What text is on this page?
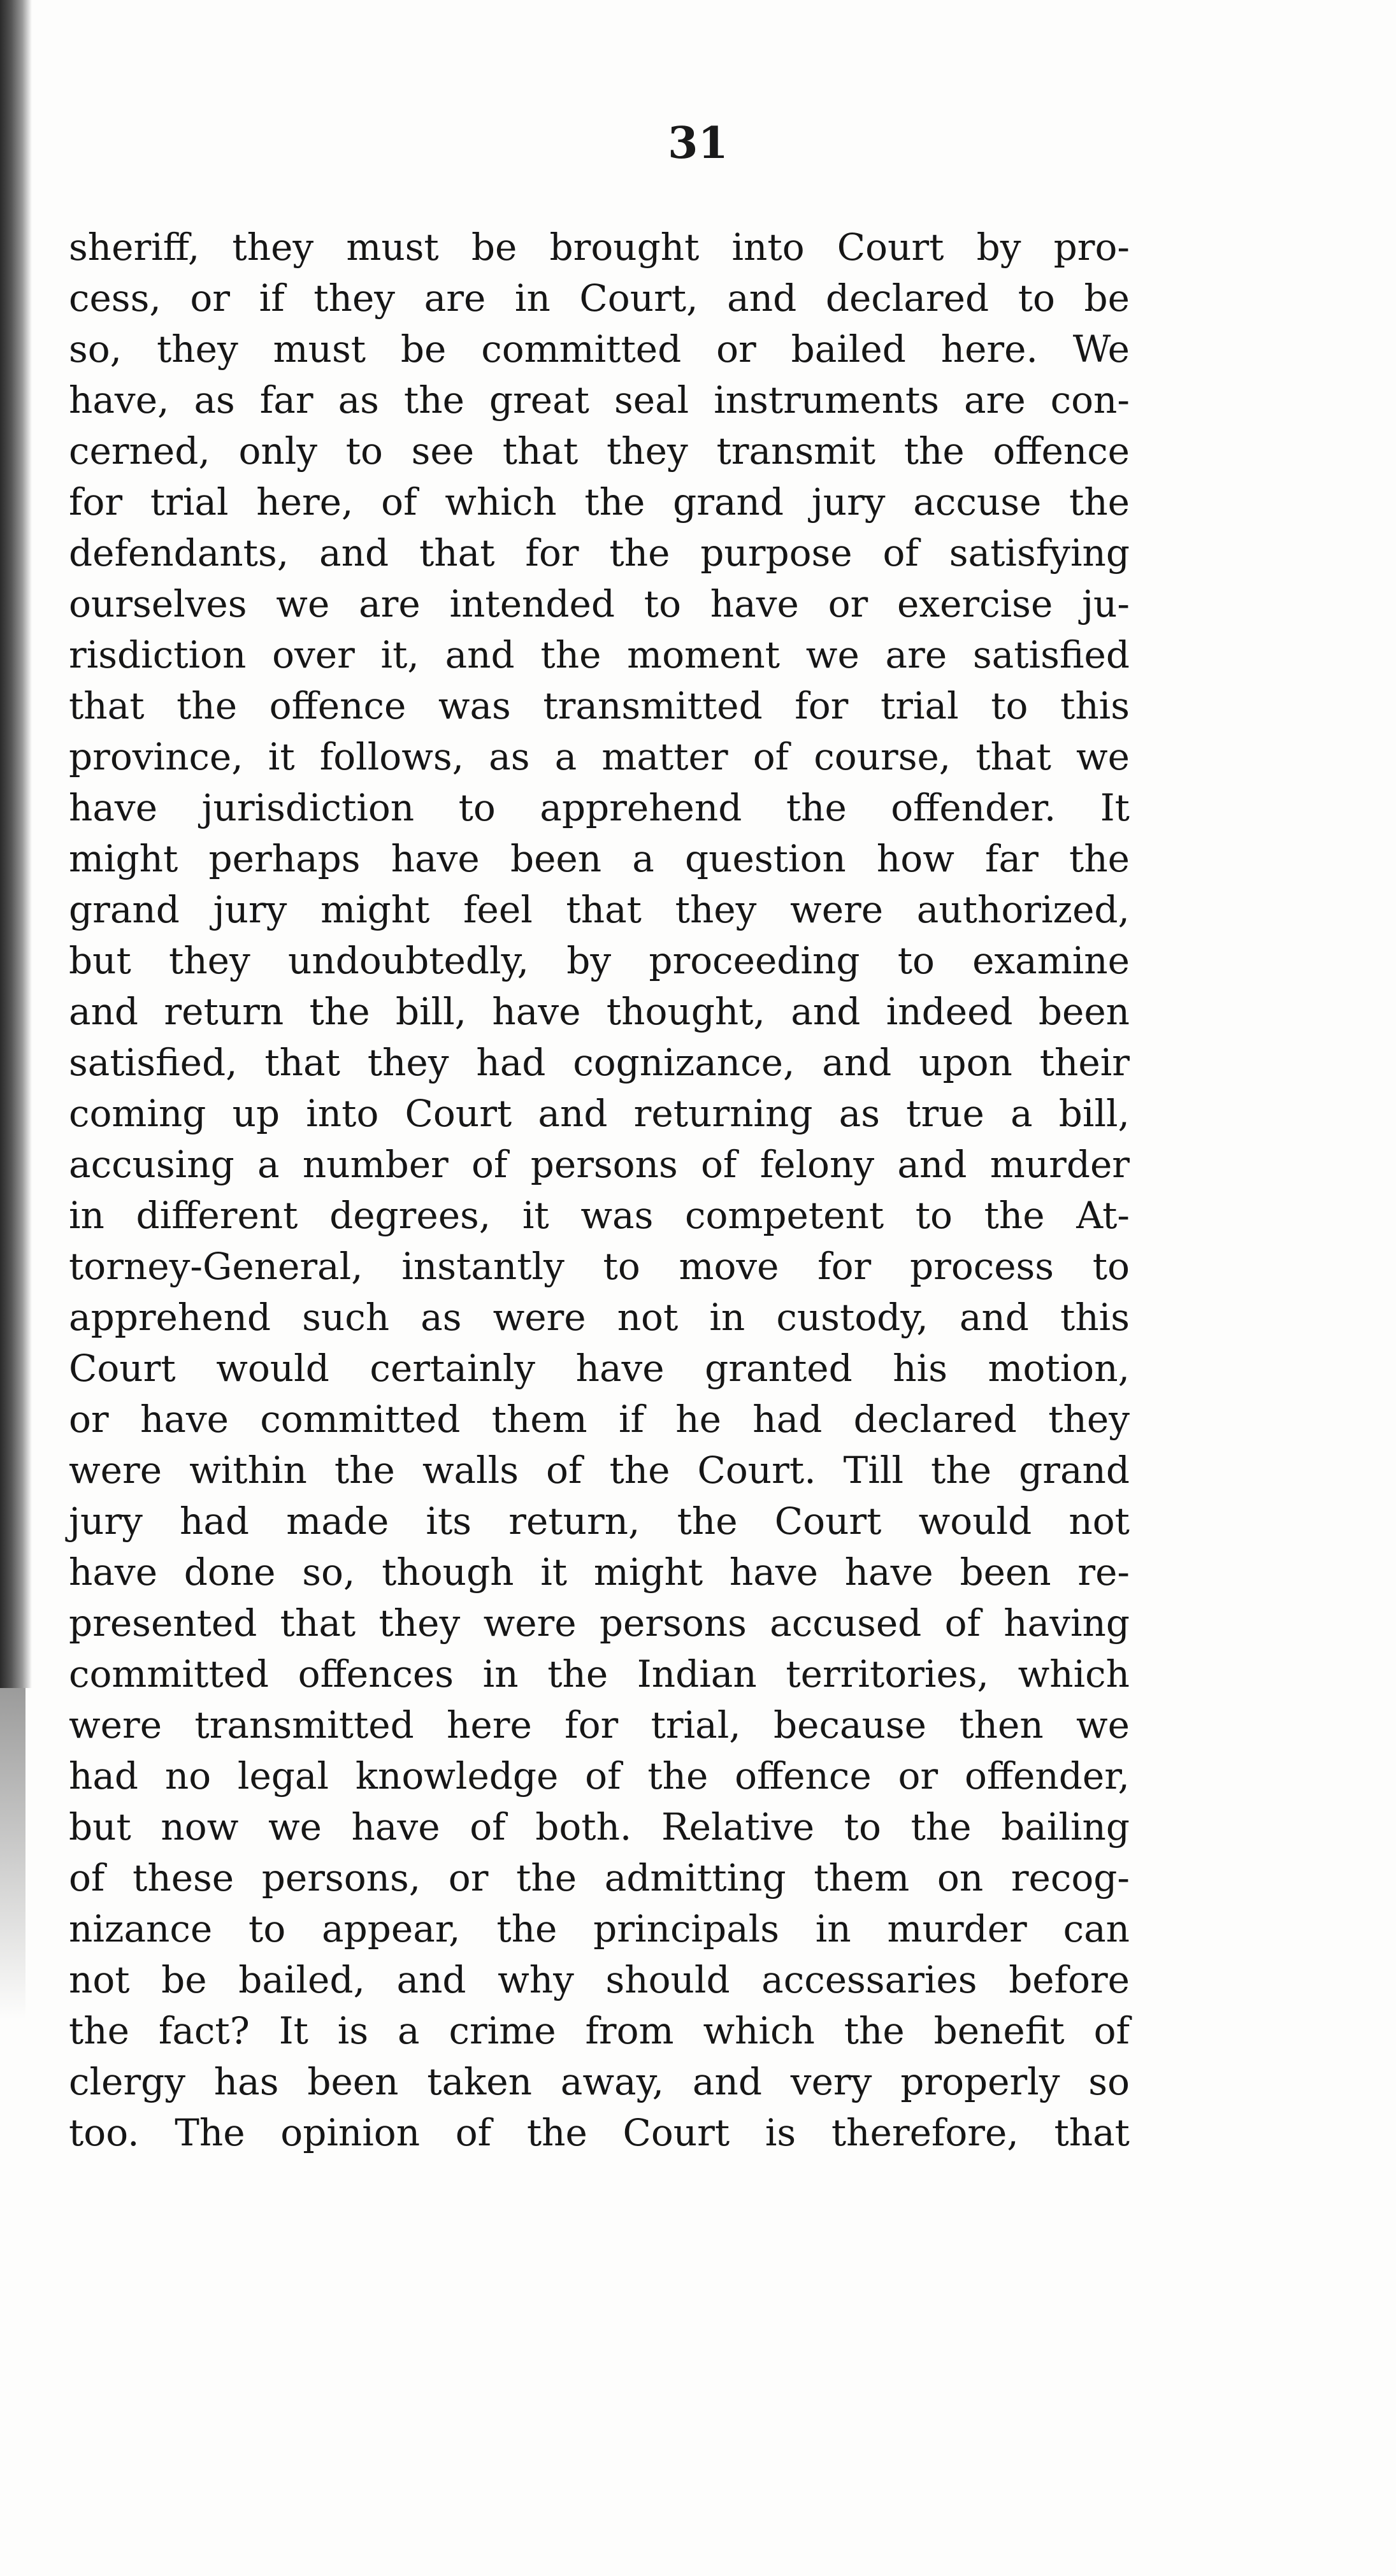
31

sheriff, they must be brought into Court by pro-
cess, or if they are in Court, and declared to be
so, they must be committed or bailed here. We
have, as far as the great seal instruments are con-
cerned, only to see that they transmit the offence
for trial here, of which the grand jury accuse the
defendants, and that for the purpose of satisfying
ourselves we are intended to have or exercise ju-
risdiction over it, and the moment we are satisfied
that the offence was transmitted for trial to this
province, it follows, as a matter of course, that we
have jurisdiction to apprehend the offender. It
might perhaps have been a question how far the
grand jury might feel that they were authorized,
but they undoubtedly, by proceeding to examine
and return the bill, have thought, and indeed been
satisfied, that they had cognizance, and upon their
coming up into Court and returning as true a bill,
accusing a number of persons of felony and murder
in different degrees, it was competent to the At-
torney-General, instantly to move for process to
apprehend such as were not in custody, and this
Court would certainly have granted his motion,
or have committed them if he had declared they
were within the walls of the Court. Till the grand
jury had made its return, the Court would not
have done so, though it might have have been re-
presented that they were persons accused of having
committed offences in the Indian territories, which
were transmitted here for trial, because then we
had no legal knowledge of the offence or offender,
but now we have of both. Relative to the bailing
of these persons, or the admitting them on recog-
nizance to appear, the principals in murder can
not be bailed, and why should accessaries before
the fact? It is a crime from which the benefit of
clergy has been taken away, and very properly so
too. The opinion of the Court is therefore, that
